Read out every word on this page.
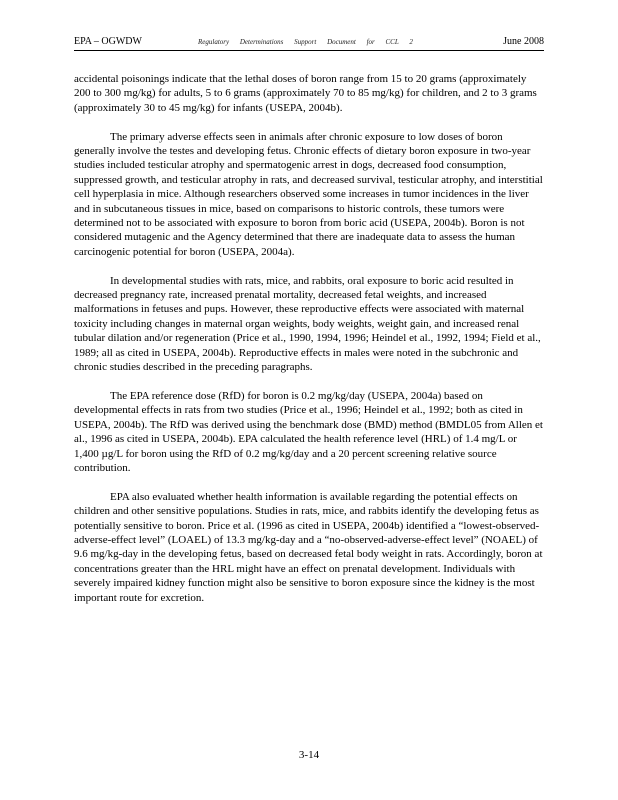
EPA – OGWDW	Regulatory Determinations Support Document for CCL 2	June 2008

accidental poisonings indicate that the lethal doses of boron range from 15 to 20 grams (approximately 200 to 300 mg/kg) for adults, 5 to 6 grams (approximately 70 to 85 mg/kg) for children, and 2 to 3 grams (approximately 30 to 45 mg/kg) for infants (USEPA, 2004b).

The primary adverse effects seen in animals after chronic exposure to low doses of boron generally involve the testes and developing fetus. Chronic effects of dietary boron exposure in two-year studies included testicular atrophy and spermatogenic arrest in dogs, decreased food consumption, suppressed growth, and testicular atrophy in rats, and decreased survival, testicular atrophy, and interstitial cell hyperplasia in mice. Although researchers observed some increases in tumor incidences in the liver and in subcutaneous tissues in mice, based on comparisons to historic controls, these tumors were determined not to be associated with exposure to boron from boric acid (USEPA, 2004b). Boron is not considered mutagenic and the Agency determined that there are inadequate data to assess the human carcinogenic potential for boron (USEPA, 2004a).

In developmental studies with rats, mice, and rabbits, oral exposure to boric acid resulted in decreased pregnancy rate, increased prenatal mortality, decreased fetal weights, and increased malformations in fetuses and pups. However, these reproductive effects were associated with maternal toxicity including changes in maternal organ weights, body weights, weight gain, and increased renal tubular dilation and/or regeneration (Price et al., 1990, 1994, 1996; Heindel et al., 1992, 1994; Field et al., 1989; all as cited in USEPA, 2004b). Reproductive effects in males were noted in the subchronic and chronic studies described in the preceding paragraphs.

The EPA reference dose (RfD) for boron is 0.2 mg/kg/day (USEPA, 2004a) based on developmental effects in rats from two studies (Price et al., 1996; Heindel et al., 1992; both as cited in USEPA, 2004b). The RfD was derived using the benchmark dose (BMD) method (BMDL05 from Allen et al., 1996 as cited in USEPA, 2004b). EPA calculated the health reference level (HRL) of 1.4 mg/L or 1,400 µg/L for boron using the RfD of 0.2 mg/kg/day and a 20 percent screening relative source contribution.

EPA also evaluated whether health information is available regarding the potential effects on children and other sensitive populations. Studies in rats, mice, and rabbits identify the developing fetus as potentially sensitive to boron. Price et al. (1996 as cited in USEPA, 2004b) identified a “lowest-observed-adverse-effect level” (LOAEL) of 13.3 mg/kg-day and a “no-observed-adverse-effect level” (NOAEL) of 9.6 mg/kg-day in the developing fetus, based on decreased fetal body weight in rats. Accordingly, boron at concentrations greater than the HRL might have an effect on prenatal development. Individuals with severely impaired kidney function might also be sensitive to boron exposure since the kidney is the most important route for excretion.

3-14
